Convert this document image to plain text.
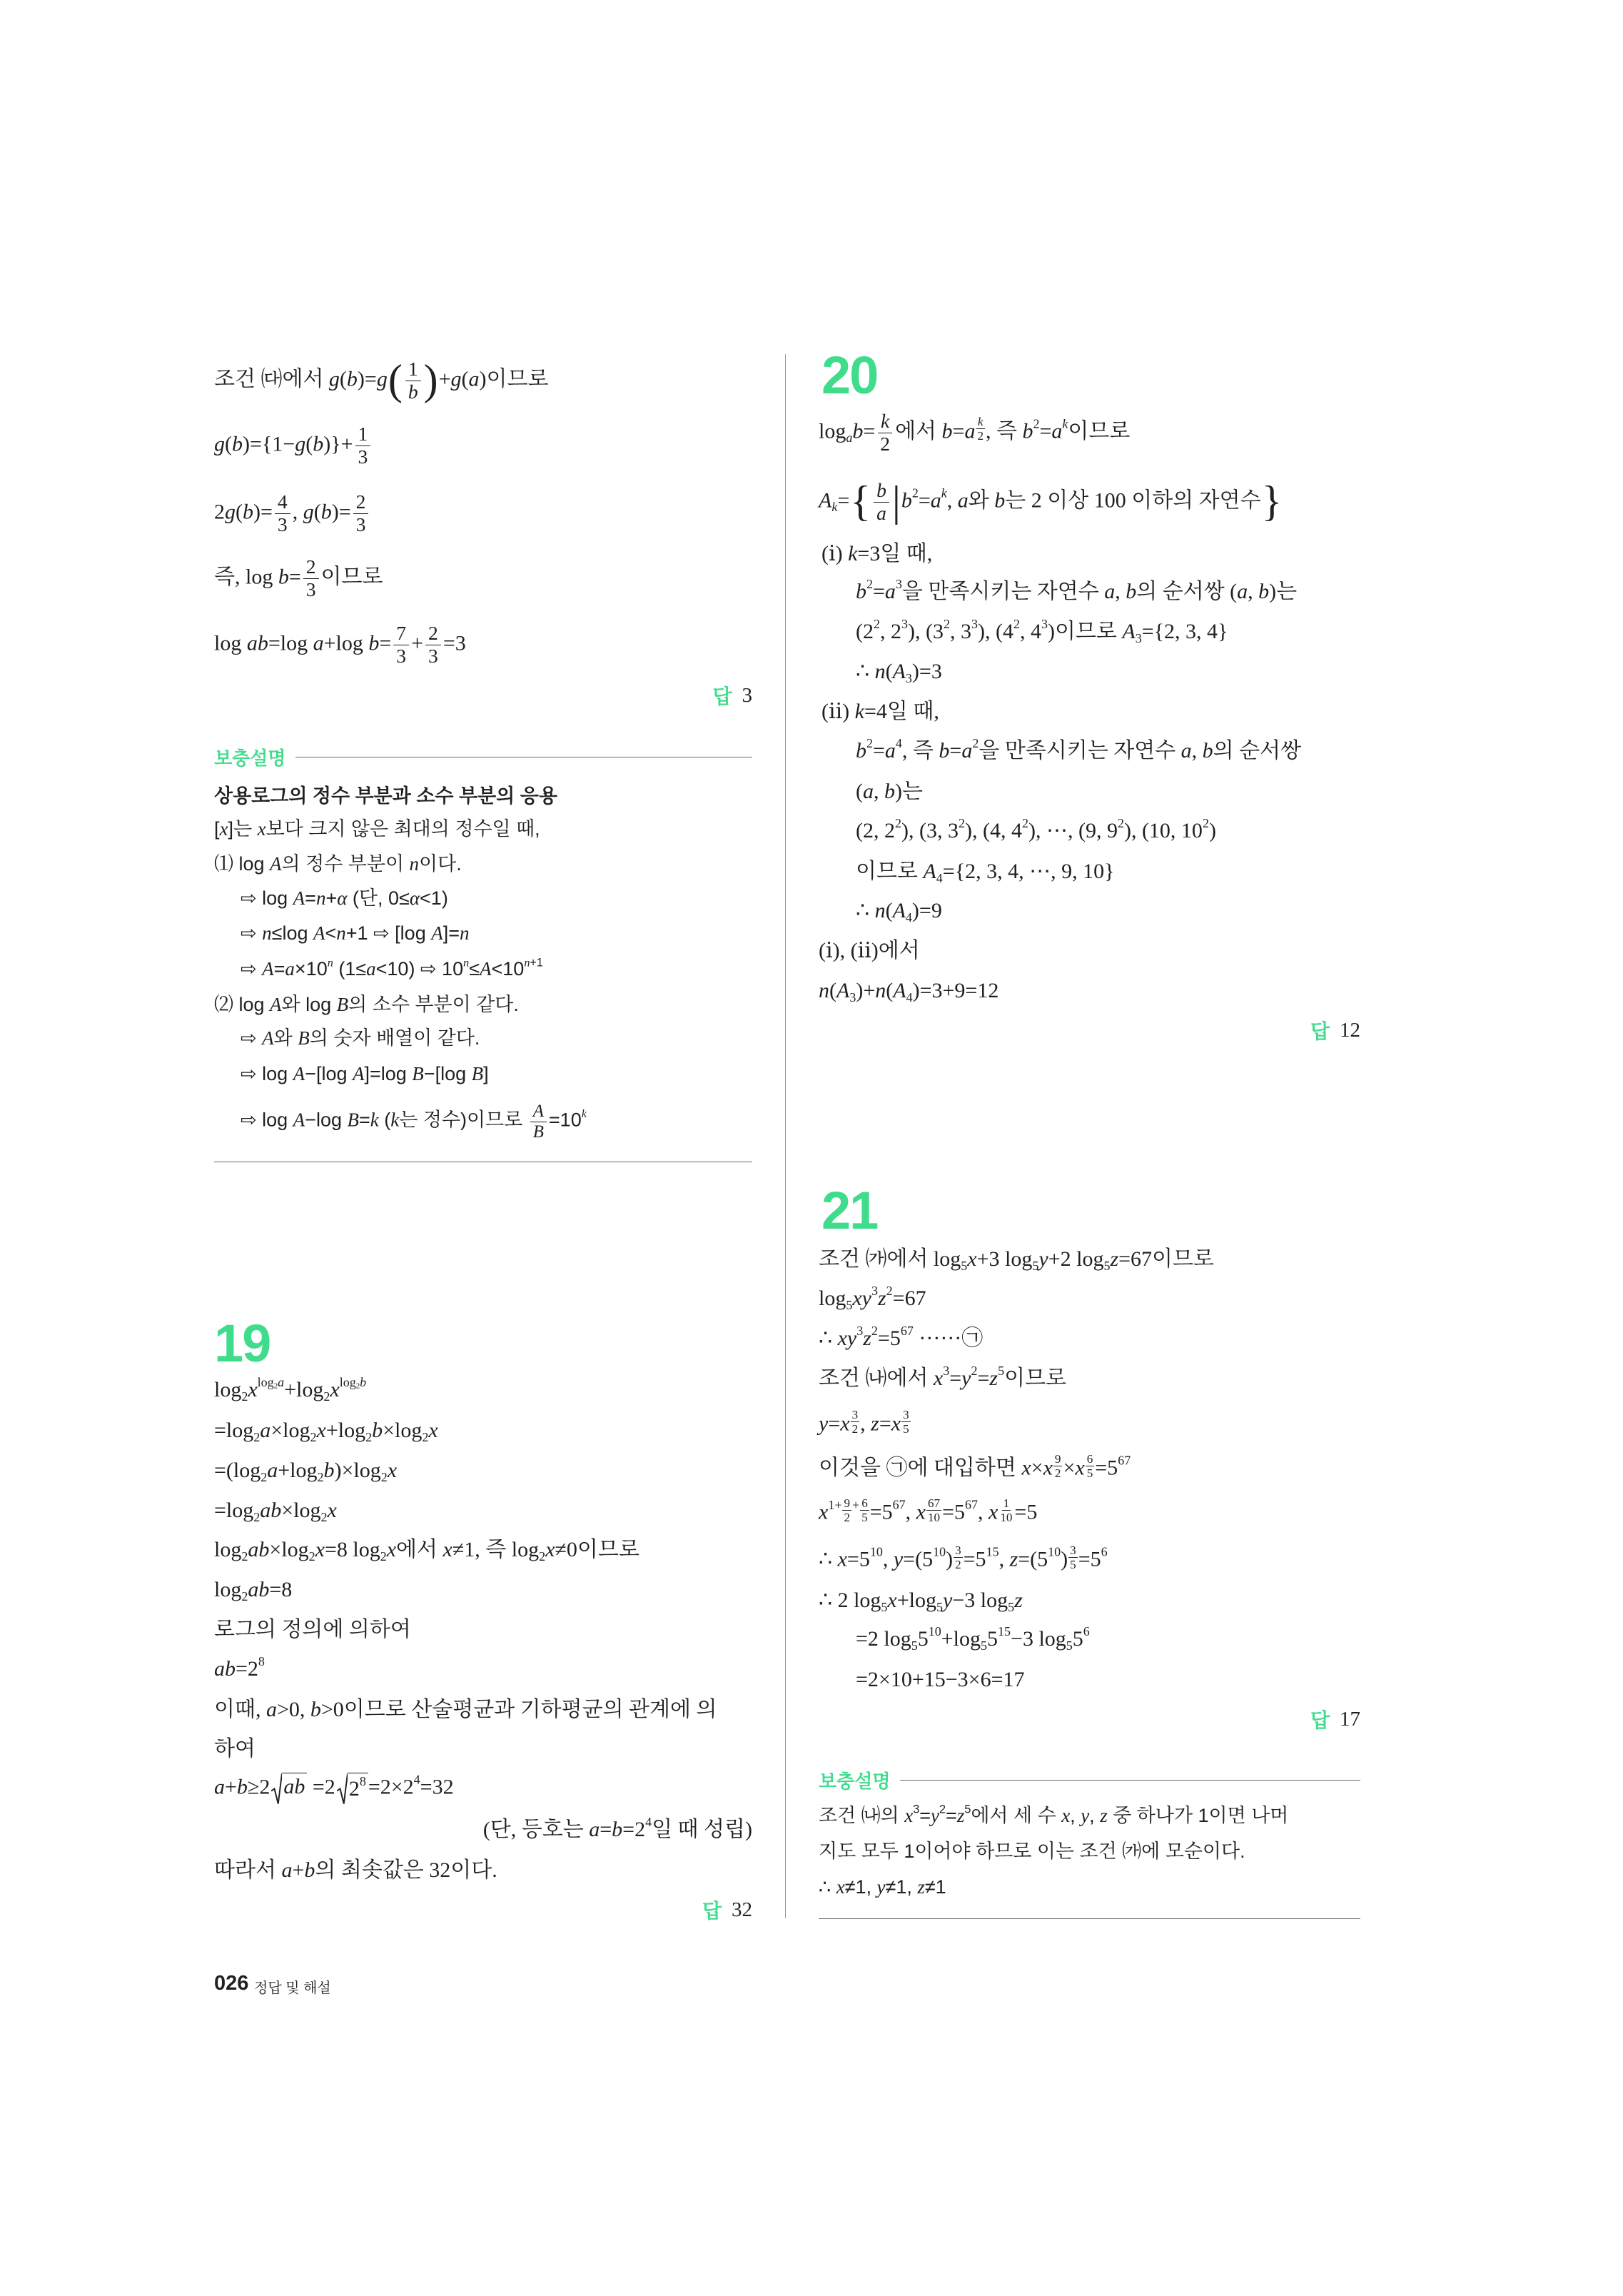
조건 ㈐에서 $g(b)=g( \frac{1}{b} )+g(a)$이므로
$g(b)=\{1-g(b)\}+ \frac{1}{3}$
$2g(b)= \frac{4}{3}$ , $g(b)= \frac{2}{3}$
즉, $\log b= \frac{2}{3}$ 이므로
log ab=log a+log $b= \frac{7}{3} + \frac{2}{3} =3$
답 3
보충설명
상용로그의 정수 부분과 소수 부분의 응용
[x]는 x보다 크지 않은 최대의 정수일 때,
⑴ log A의 정수 부분이 n이다.
⇨ log A=n+α (단, 0≤α<1)
⇨ n≤log A<n+1 ⇨ [log A]=n
⇨ $A=a\times 10^n$ (1≤a<10) ⇨ $10^n\le A<10^{n+1}$
⑵ log A와 log B의 소수 부분이 같다.
⇨ A와 B의 숫자 배열이 같다.
⇨ log A−[log A]=log B−[log B]
⇨ log A−log B=k (k는 정수)이므로 $\frac{A}{B} =10^k$
19
$\log_2x^{log_2a}+\log_2x^{log_2b}$
$=\log_2a\times\log_2x+\log_2b\times\log_2x$
$=(\log_2a+\log_2b)\times\log_2x$
$=\log_2ab\times\log_2x$
$\log_2ab\times\log_2x=8$ $\log_2x$에서 x≠1, 즉 $\log_2x\ne 0$이므로
$\log_2ab=8$
로그의 정의에 의하여
$ab=2^8$
이때, a>0, b>0이므로 산술평균과 기하평균의 관계에 의
하여
a+b≥2 ab =2 $2^8 =2\times 2^4=32$
(단, 등호는 $a=b=2^4$일 때 성립)
따라서 a+b의 최솟값은 32이다.
답 32
20
$\log_ab= \frac{k}{2}$ 에서 b=a $^{\frac{k}{2}}$ , 즉 $b^2=a^k$이므로
$A_k=\{ \frac{b}{a} |b^2=a^k$, a와 b는 2 이상 100 이하의 자연수}
(ⅰ) k=3일 때,
$b^2=a^3$을 만족시키는 자연수 a, b의 순서쌍 (a, b)는
($2^2$, $2^3$), ($3^2$, $3^3$), ($4^2$, $4^3$)이므로 $A_3=\{2$, 3, 4}
∴ $n(A_3)=3$
(ⅱ) k=4일 때,
$b^2=a^4$, 즉 $b=a^2$을 만족시키는 자연수 a, b의 순서쌍
(a, b)는
(2, $2^2$), (3, $3^2$), (4, $4^2$), ⋯, (9, $9^2$), (10, $10^2$)
이므로 $A_4=\{2$, 3, 4, ⋯, 9, 10}
∴ $n(A_4)=9$
(ⅰ), (ⅱ)에서
$n(A_3)+n(A_4)=3+9=12$
답 12
21
조건 ㈎에서 $\log_5x+3$ $\log_5y+2$ $\log_5z=67$이므로
$\log_5xy^3z^2=67$
∴ $xy^3z^2=5^{67}$ ······㉠
조건 ㈏에서 $x^3=y^2=z^5$이므로
y=x $^{\frac{3}{2}}$ , z=x $^{\frac{3}{5}}$
이것을 ㉠에 대입하면 x×x $^{\frac{9}{2}}$ ×x $^{\frac{6}{5}} =5^{67}$
$x^{1+ \frac{9}{2} + \frac{6}{5}} =5^{67}$, x $^{\frac{67}{10}} =5^{67}$, x $^{\frac{1}{10}}$ =5
∴ $x=5^{10}$, $y=(5^{10})$ $^{\frac{3}{2}} =5^{15}$, $z=(5^{10})$ $^{\frac{3}{5}} =5^6$
∴ 2 $\log_5x+\log_5y-3$ $\log_5z$
=2 $\log_55^{10}+\log_55^{15}-3$ $\log_55^6$
=2×10+15−3×6=17
답 17
보충설명
조건 ㈏의 $x^3=y^2=z^5$에서 세 수 x, y, z 중 하나가 1이면 나머
지도 모두 1이어야 하므로 이는 조건 ㈎에 모순이다.
∴ x≠1, y≠1, z≠1
026 정답 및 해설
